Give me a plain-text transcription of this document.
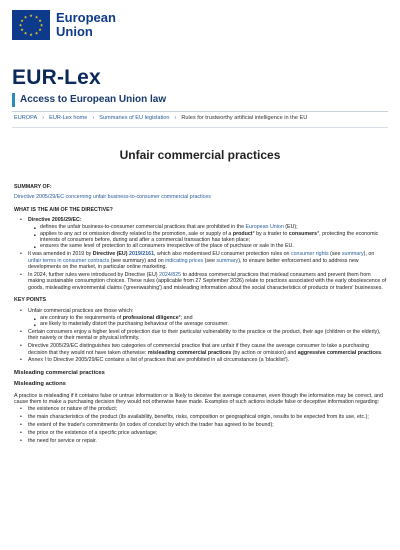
★ ★
★
★
★
★
★
★
★
★
★
★ European
Union
EUR-Lex
Access to European Union law
EUROPA › EUR-Lex home › Summaries of EU legislation › Rules for trustworthy artificial intelligence in the EU
Unfair commercial practices
SUMMARY OF:

Directive 2005/29/EC concerning unfair business-to-consumer commercial practices

WHAT IS THE AIM OF THE DIRECTIVE?
• Directive 2005/29/EC:
■ defines the unfair business-to-consumer commercial practices that are prohibited in the European Union (EU);
■ applies to any act or omission directly related to the promotion, sale or supply of a product* by a trader to consumers*, protecting the economic interests of consumers before, during and after a commercial transaction has taken place;
■ ensures the same level of protection to all consumers irrespective of the place of purchase or sale in the EU.
• It was amended in 2019 by Directive (EU) 2019/2161, which also modernised EU consumer protection rules on consumer rights (see summary), on unfair terms in consumer contracts (see summary) and on indicating prices (see summary), to ensure better enforcement and to address new developments on the market, in particular online marketing.
• In 2024, further rules were introduced by Directive (EU) 2024/825 to address commercial practices that mislead consumers and prevent them from making sustainable consumption choices. These rules (applicable from 27 September 2026) relate to practices associated with the early obsolescence of goods, misleading environmental claims ('greenwashing') and misleading information about the social characteristics of products or traders' businesses.
KEY POINTS
• Unfair commercial practices are those which:
■ are contrary to the requirements of professional diligence*; and
■ are likely to materially distort the purchasing behaviour of the average consumer.
• Certain consumers enjoy a higher level of protection due to their particular vulnerability to the practice or the product, their age (children or the elderly), their naivety or their mental or physical infirmity.
• Directive 2005/29/EC distinguishes two categories of commercial practice that are unfair if they cause the average consumer to take a purchasing decision that they would not have taken otherwise: misleading commercial practices (by action or omission) and aggressive commercial practices.
• Annex I to Directive 2005/29/EC contains a list of practices that are prohibited in all circumstances (a 'blacklist').
Misleading commercial practices
Misleading actions

A practice is misleading if it contains false or untrue information or is likely to deceive the average consumer, even though the information may be correct, and cause them to make a purchasing decision they would not otherwise have made. Examples of such actions include false or deceptive information regarding:

• the existence or nature of the product;
• the main characteristics of the product (its availability, benefits, risks, composition or geographical origin, results to be expected from its use, etc.);
• the extent of the trader's commitments (in codes of conduct by which the trader has agreed to be bound);
• the price or the existence of a specific price advantage;
• the need for service or repair.
